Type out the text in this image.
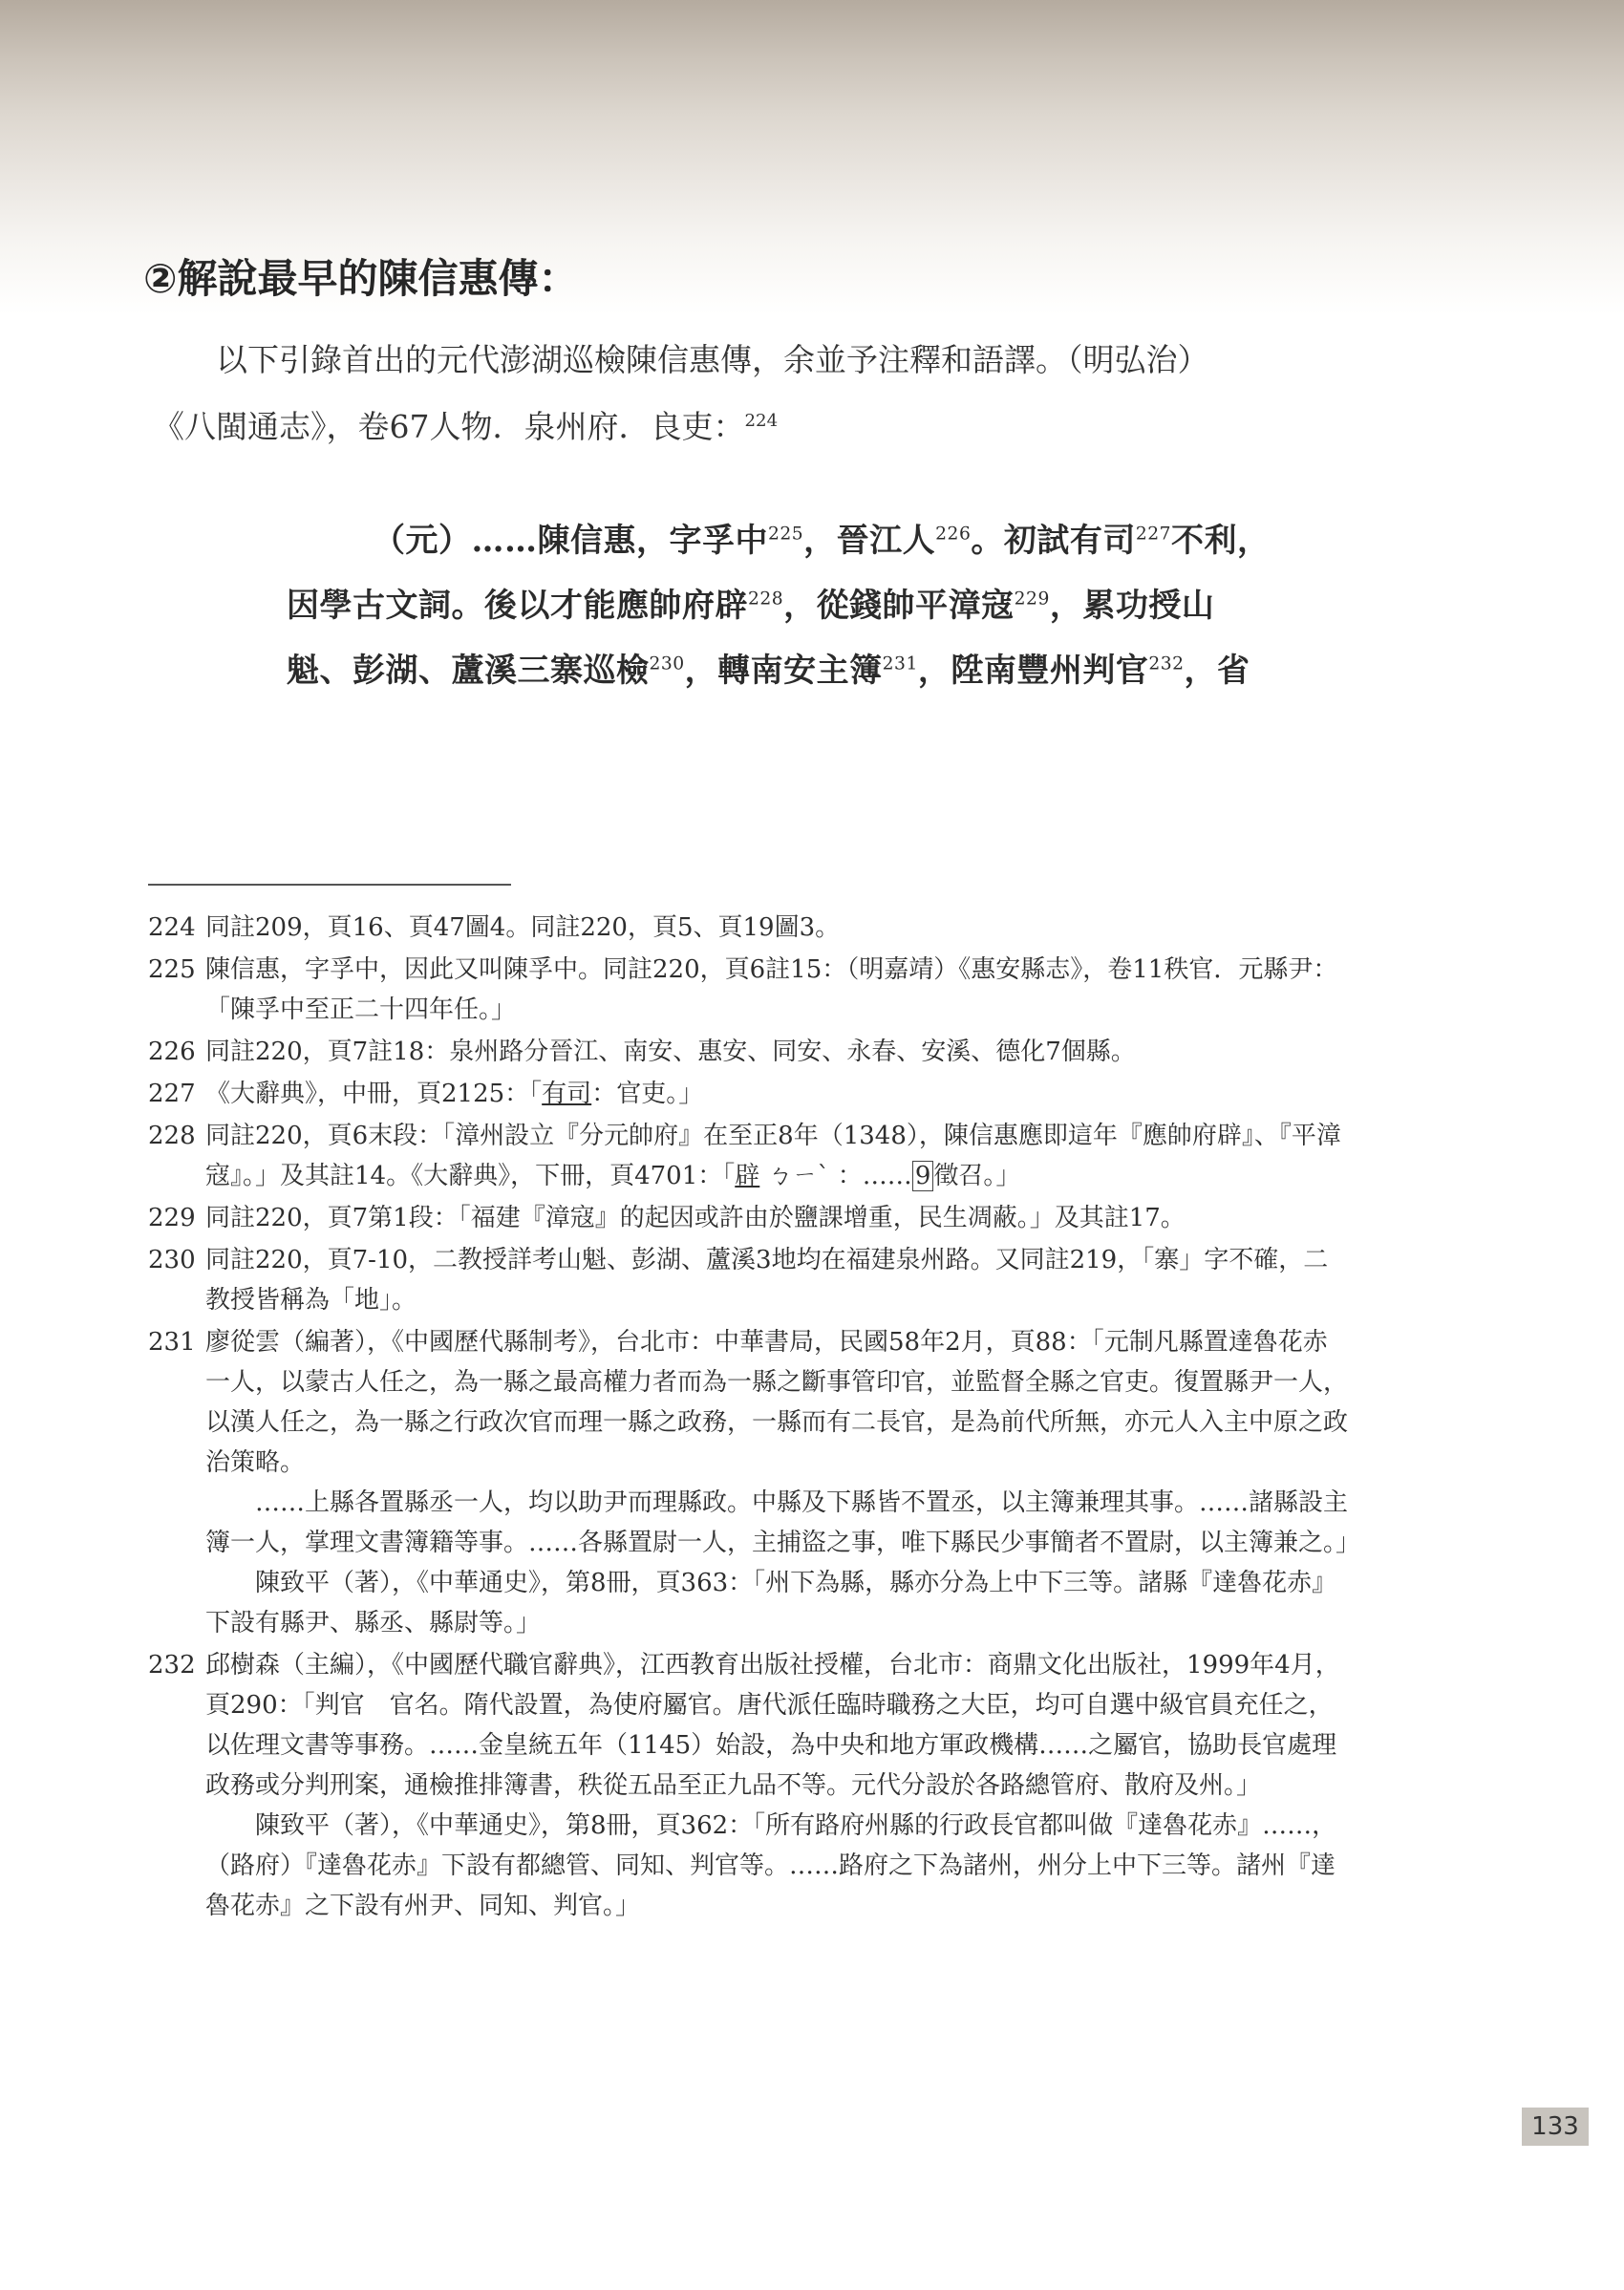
②解說最早的陳信惠傳：

以下引錄首出的元代澎湖巡檢陳信惠傳，余並予注釋和語譯。（明弘治）

《八閩通志》，卷67人物．泉州府．良吏：$^{224}$

（元）……陳信惠，字孚中$^{225}$，晉江人$^{226}$。初試有司$^{227}$不利，

因學古文詞。後以才能應帥府辟$^{228}$，從錢帥平漳寇$^{229}$，累功授山

魁、彭湖、蘆溪三寨巡檢$^{230}$，轉南安主簿$^{231}$，陞南豐州判官$^{232}$，省

224 同註209，頁16、頁47圖4。同註220，頁5、頁19圖3。

225 陳信惠，字孚中，因此又叫陳孚中。同註220，頁6註15：（明嘉靖）《惠安縣志》，卷11秩官．元縣尹：「陳孚中至正二十四年任。」

226 同註220，頁7註18：泉州路分晉江、南安、惠安、同安、永春、安溪、德化7個縣。

227 《大辭典》，中冊，頁2125：「有司：官吏。」

228 同註220，頁6末段：「漳州設立『分元帥府』在至正8年（1348），陳信惠應即這年『應帥府辟』、『平漳寇』。」及其註14。《大辭典》，下冊，頁4701：「辟 ㄅㄧˋ ：…… 9 徵召。」

229 同註220，頁7第1段：「福建『漳寇』的起因或許由於鹽課增重，民生凋蔽。」及其註17。

230 同註220，頁7-10，二教授詳考山魁、彭湖、蘆溪3地均在福建泉州路。又同註219，「寨」字不確，二教授皆稱為「地」。

231 廖從雲（編著），《中國歷代縣制考》，台北市：中華書局，民國58年2月，頁88：「元制凡縣置達魯花赤一人，以蒙古人任之，為一縣之最高權力者而為一縣之斷事管印官，並監督全縣之官吏。復置縣尹一人，以漢人任之，為一縣之行政次官而理一縣之政務，一縣而有二長官，是為前代所無，亦元人入主中原之政治策略。

……上縣各置縣丞一人，均以助尹而理縣政。中縣及下縣皆不置丞，以主簿兼理其事。……諸縣設主簿一人，掌理文書簿籍等事。……各縣置尉一人，主捕盜之事，唯下縣民少事簡者不置尉，以主簿兼之。」

陳致平（著），《中華通史》，第8冊，頁363：「州下為縣，縣亦分為上中下三等。諸縣『達魯花赤』下設有縣尹、縣丞、縣尉等。」

232 邱樹森（主編），《中國歷代職官辭典》，江西教育出版社授權，台北市：商鼎文化出版社，1999年4月，頁290：「判官　官名。隋代設置，為使府屬官。唐代派任臨時職務之大臣，均可自選中級官員充任之，以佐理文書等事務。……金皇統五年（1145）始設，為中央和地方軍政機構……之屬官，協助長官處理政務或分判刑案，通檢推排簿書，秩從五品至正九品不等。元代分設於各路總管府、散府及州。」

陳致平（著），《中華通史》，第8冊，頁362：「所有路府州縣的行政長官都叫做『達魯花赤』……，（路府）『達魯花赤』下設有都總管、同知、判官等。……路府之下為諸州，州分上中下三等。諸州『達魯花赤』之下設有州尹、同知、判官。」

133
